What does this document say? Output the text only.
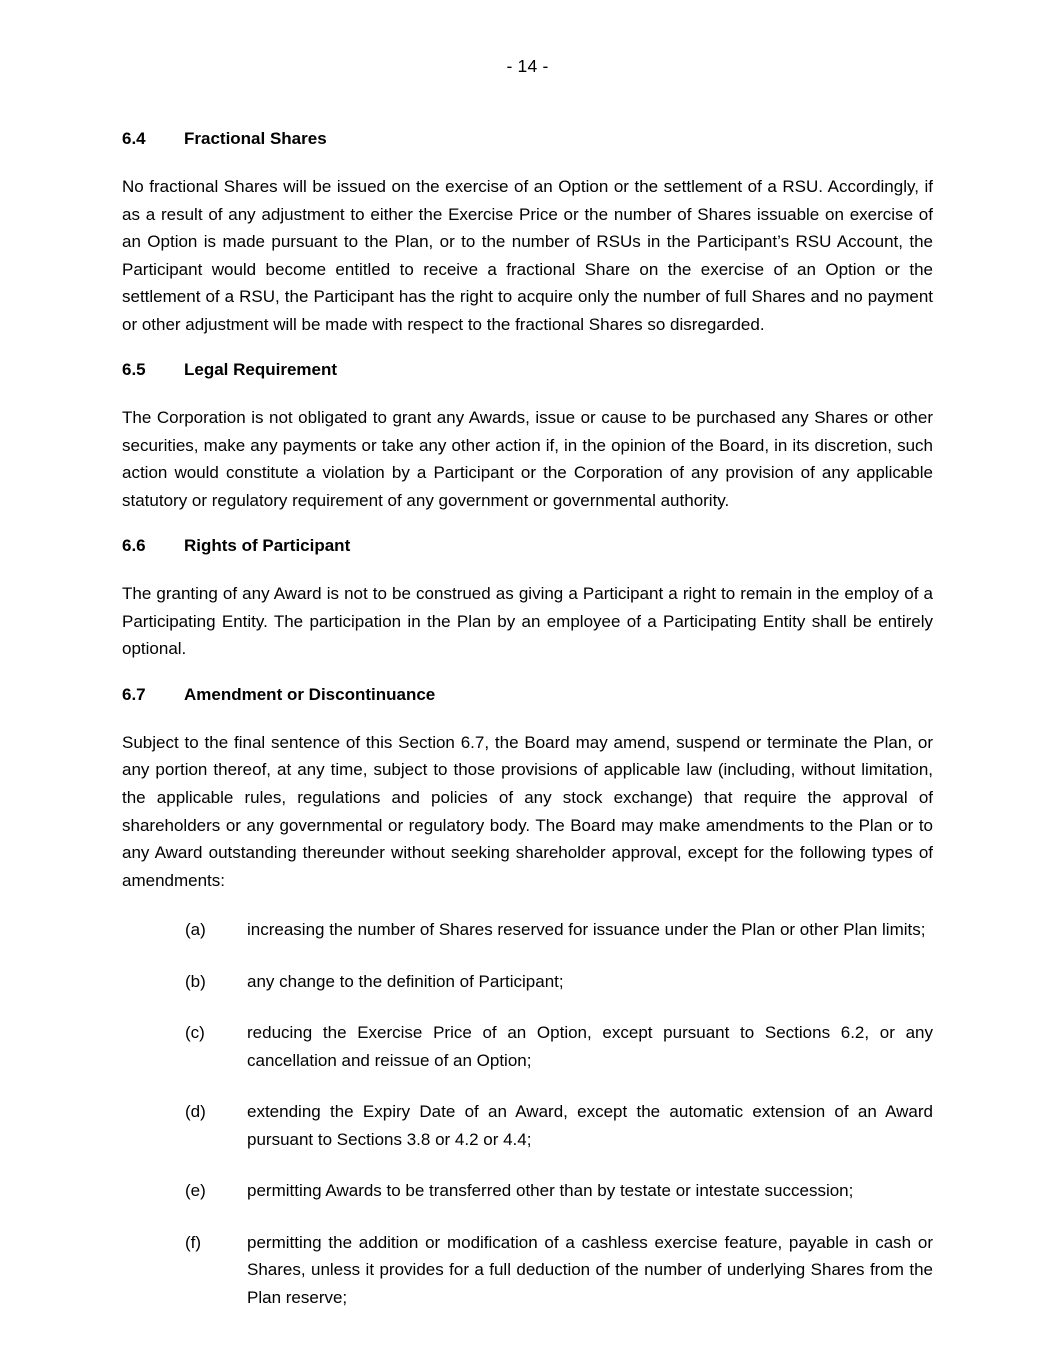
- 14 -
6.4	Fractional Shares

No fractional Shares will be issued on the exercise of an Option or the settlement of a RSU. Accordingly, if as a result of any adjustment to either the Exercise Price or the number of Shares issuable on exercise of an Option is made pursuant to the Plan, or to the number of RSUs in the Participant’s RSU Account, the Participant would become entitled to receive a fractional Share on the exercise of an Option or the settlement of a RSU, the Participant has the right to acquire only the number of full Shares and no payment or other adjustment will be made with respect to the fractional Shares so disregarded.

6.5	Legal Requirement

The Corporation is not obligated to grant any Awards, issue or cause to be purchased any Shares or other securities, make any payments or take any other action if, in the opinion of the Board, in its discretion, such action would constitute a violation by a Participant or the Corporation of any provision of any applicable statutory or regulatory requirement of any government or governmental authority.

6.6	Rights of Participant

The granting of any Award is not to be construed as giving a Participant a right to remain in the employ of a Participating Entity. The participation in the Plan by an employee of a Participating Entity shall be entirely optional.

6.7	Amendment or Discontinuance

Subject to the final sentence of this Section 6.7, the Board may amend, suspend or terminate the Plan, or any portion thereof, at any time, subject to those provisions of applicable law (including, without limitation, the applicable rules, regulations and policies of any stock exchange) that require the approval of shareholders or any governmental or regulatory body. The Board may make amendments to the Plan or to any Award outstanding thereunder without seeking shareholder approval, except for the following types of amendments:

(a)	increasing the number of Shares reserved for issuance under the Plan or other Plan limits;
(b)	any change to the definition of Participant;
(c)	reducing the Exercise Price of an Option, except pursuant to Sections 6.2, or any cancellation and reissue of an Option;
(d)	extending the Expiry Date of an Award, except the automatic extension of an Award pursuant to Sections 3.8 or 4.2 or 4.4;
(e)	permitting Awards to be transferred other than by testate or intestate succession;
(f)	permitting the addition or modification of a cashless exercise feature, payable in cash or Shares, unless it provides for a full deduction of the number of underlying Shares from the Plan reserve;
